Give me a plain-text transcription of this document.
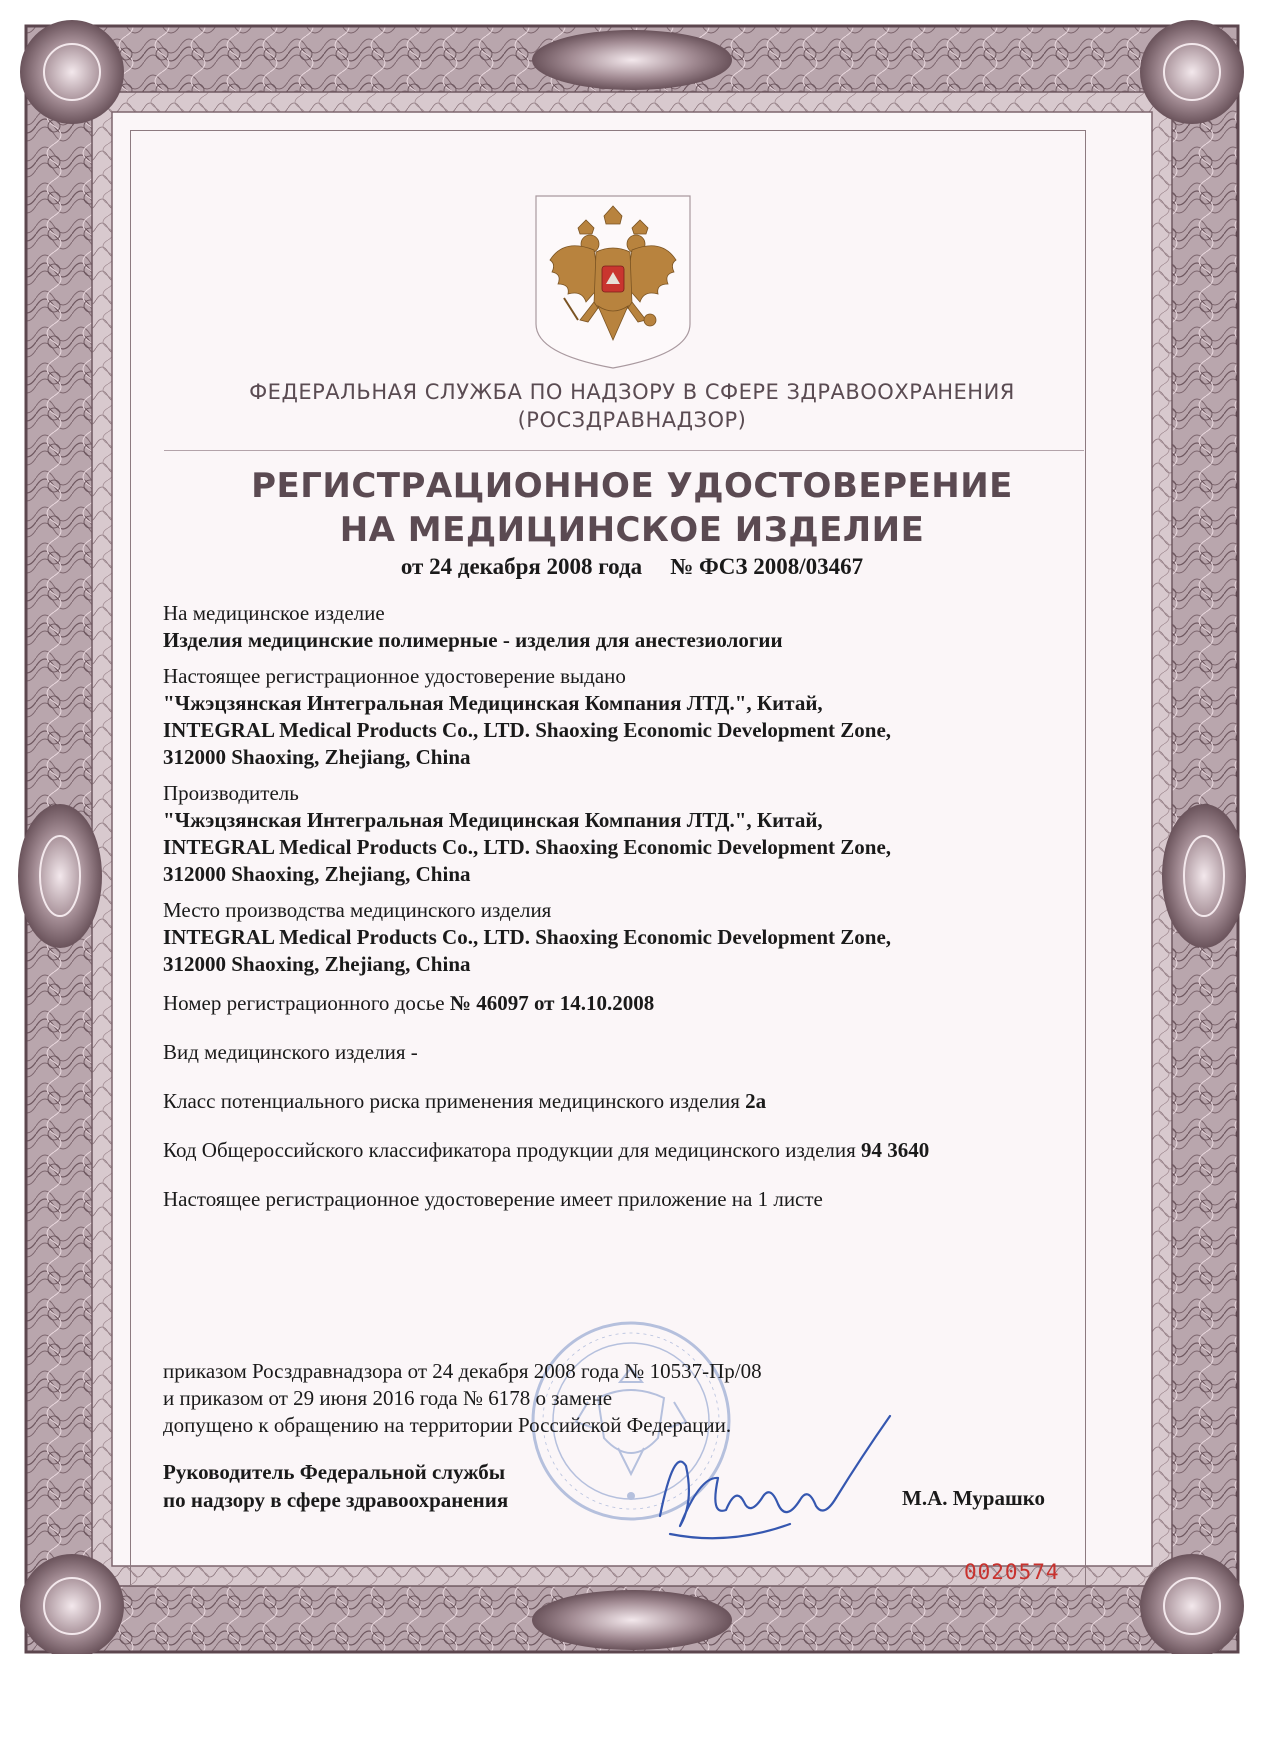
ФЕДЕРАЛЬНАЯ СЛУЖБА ПО НАДЗОРУ В СФЕРЕ ЗДРАВООХРАНЕНИЯ
(РОСЗДРАВНАДЗОР)
РЕГИСТРАЦИОННОЕ УДОСТОВЕРЕНИЕ
НА МЕДИЦИНСКОЕ ИЗДЕЛИЕ
от 24 декабря 2008 года № ФСЗ 2008/03467
На медицинское изделие
Изделия медицинские полимерные - изделия для анестезиологии
Настоящее регистрационное удостоверение выдано
"Чжэцзянская Интегральная Медицинская Компания ЛТД.", Китай,
INTEGRAL Medical Products Co., LTD. Shaoxing Economic Development Zone,
312000 Shaoxing, Zhejiang, China
Производитель
"Чжэцзянская Интегральная Медицинская Компания ЛТД.", Китай,
INTEGRAL Medical Products Co., LTD. Shaoxing Economic Development Zone,
312000 Shaoxing, Zhejiang, China
Место производства медицинского изделия
INTEGRAL Medical Products Co., LTD. Shaoxing Economic Development Zone,
312000 Shaoxing, Zhejiang, China
Номер регистрационного досье № 46097 от 14.10.2008
Вид медицинского изделия -
Класс потенциального риска применения медицинского изделия 2а
Код Общероссийского классификатора продукции для медицинского изделия 94 3640
Настоящее регистрационное удостоверение имеет приложение на 1 листе
приказом Росздравнадзора от 24 декабря 2008 года № 10537-Пр/08
и приказом от 29 июня 2016 года № 6178 о замене
допущено к обращению на территории Российской Федерации.
Руководитель Федеральной службы
по надзору в сфере здравоохранения	М.А. Мурашко
0020574
